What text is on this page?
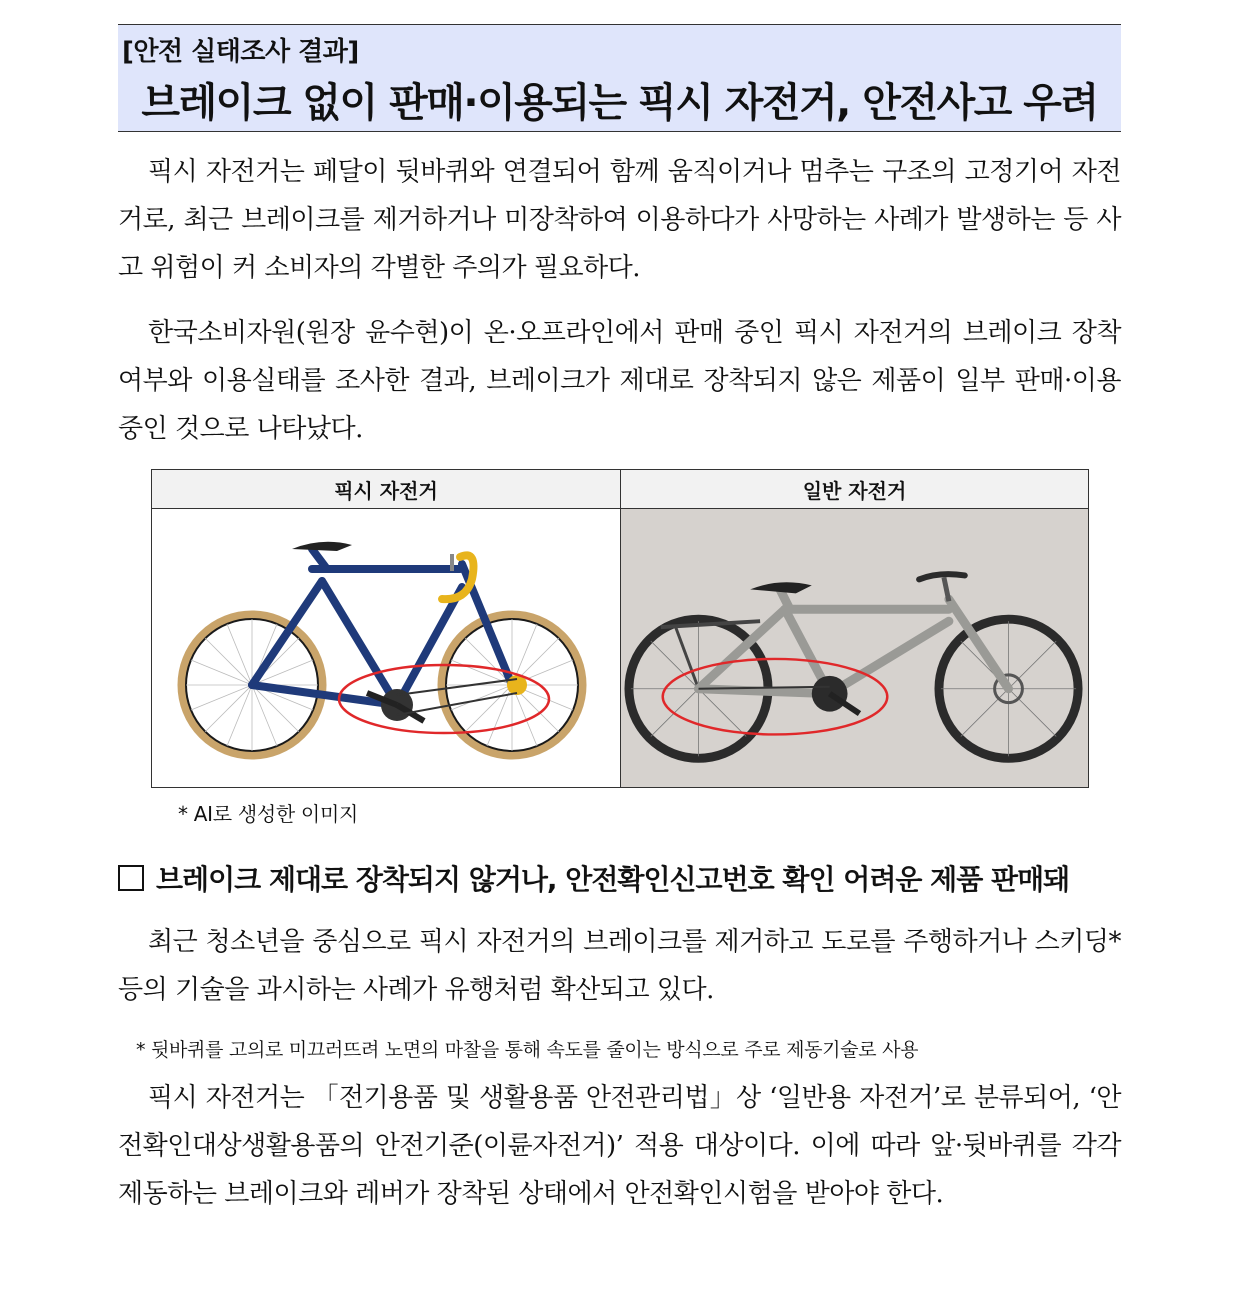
[안전 실태조사 결과]
브레이크 없이 판매·이용되는 픽시 자전거, 안전사고 우려
픽시 자전거는 페달이 뒷바퀴와 연결되어 함께 움직이거나 멈추는 구조의 고정기어 자전거로, 최근 브레이크를 제거하거나 미장착하여 이용하다가 사망하는 사례가 발생하는 등 사고 위험이 커 소비자의 각별한 주의가 필요하다.
한국소비자원(원장 윤수현)이 온·오프라인에서 판매 중인 픽시 자전거의 브레이크 장착 여부와 이용실태를 조사한 결과, 브레이크가 제대로 장착되지 않은 제품이 일부 판매·이용 중인 것으로 나타났다.
픽시 자전거	일반 자전거

* AI로 생성한 이미지
브레이크 제대로 장착되지 않거나, 안전확인신고번호 확인 어려운 제품 판매돼
최근 청소년을 중심으로 픽시 자전거의 브레이크를 제거하고 도로를 주행하거나 스키딩* 등의 기술을 과시하는 사례가 유행처럼 확산되고 있다.
* 뒷바퀴를 고의로 미끄러뜨려 노면의 마찰을 통해 속도를 줄이는 방식으로 주로 제동기술로 사용
픽시 자전거는 「전기용품 및 생활용품 안전관리법」상 ‘일반용 자전거’로 분류되어, ‘안전확인대상생활용품의 안전기준(이륜자전거)’ 적용 대상이다. 이에 따라 앞·뒷바퀴를 각각 제동하는 브레이크와 레버가 장착된 상태에서 안전확인시험을 받아야 한다.
